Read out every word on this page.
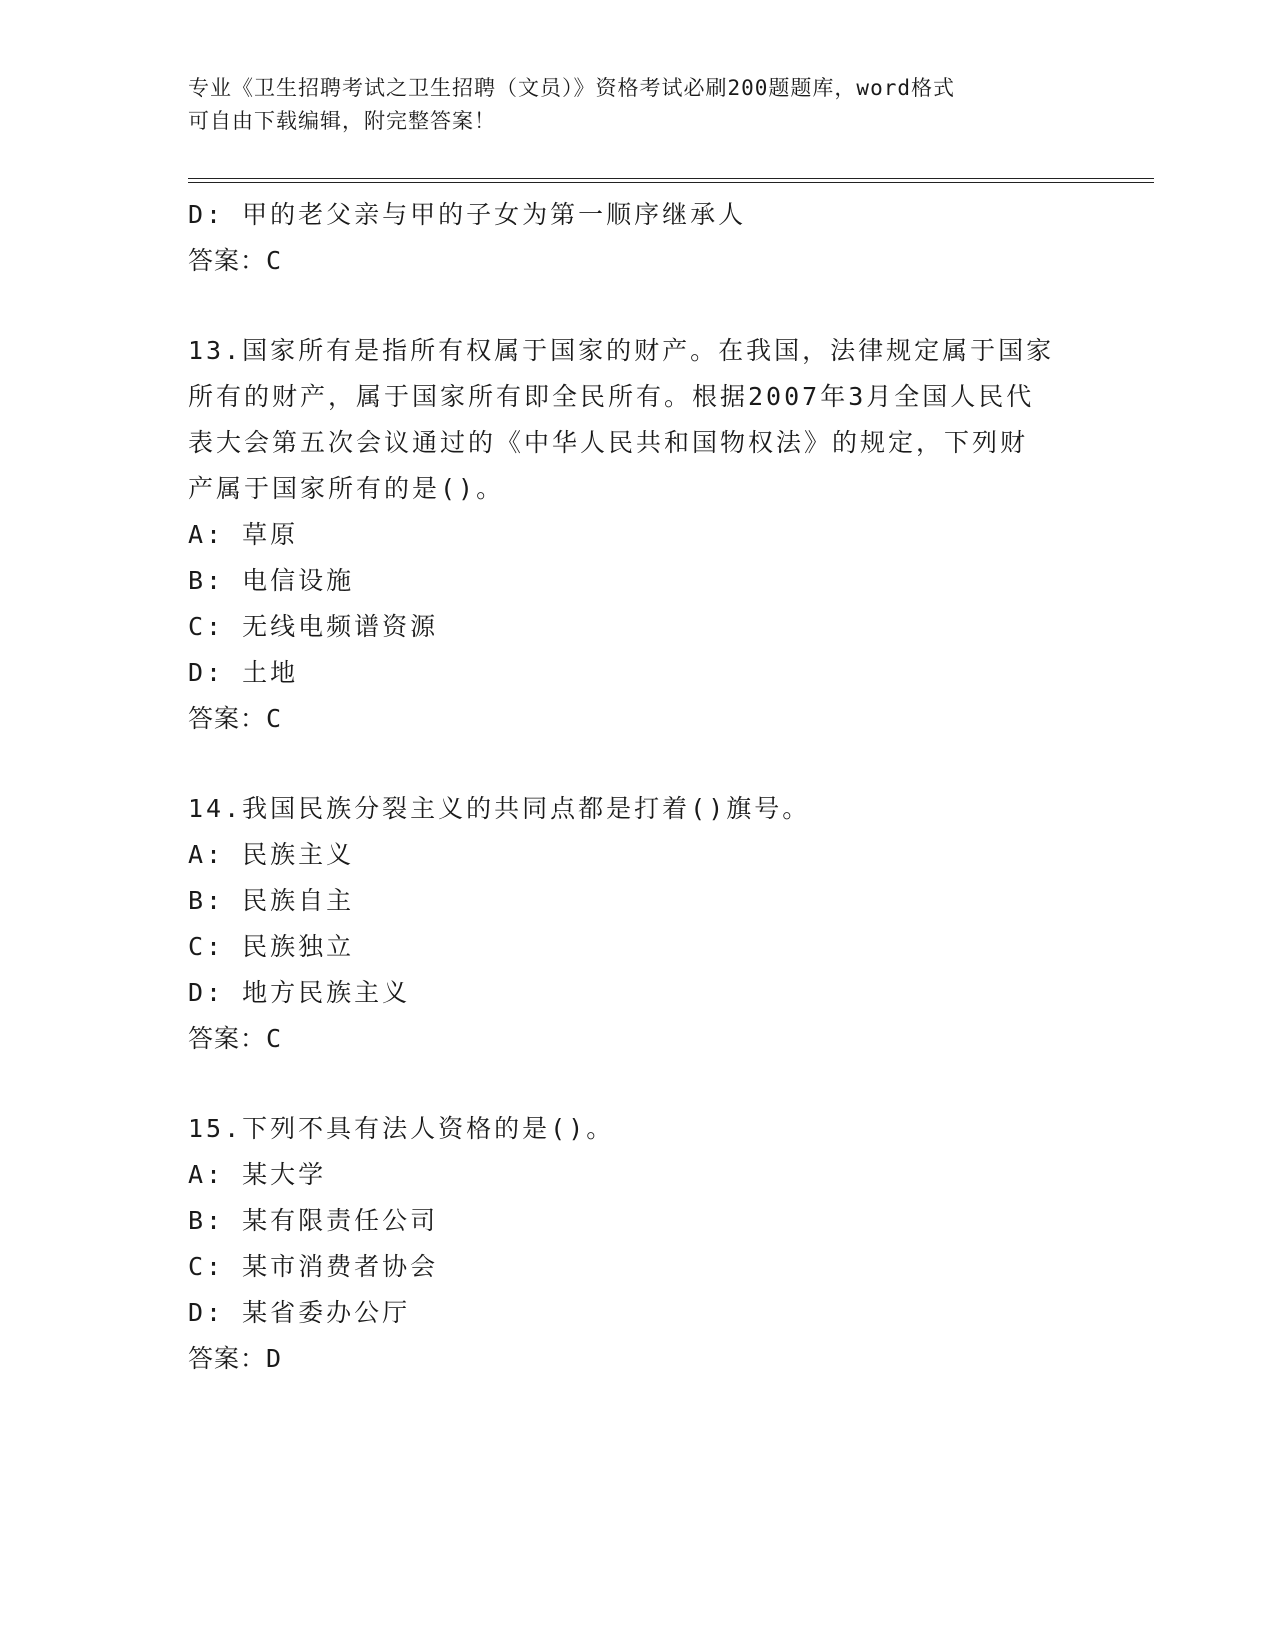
专业《卫生招聘考试之卫生招聘（文员）》资格考试必刷200题题库，word格式
可自由下载编辑，附完整答案！
D: 甲的老父亲与甲的子女为第一顺序继承人
答案：C
13.国家所有是指所有权属于国家的财产。在我国，法律规定属于国家
所有的财产，属于国家所有即全民所有。根据2007年3月全国人民代
表大会第五次会议通过的《中华人民共和国物权法》的规定，下列财
产属于国家所有的是()。
A: 草原
B: 电信设施
C: 无线电频谱资源
D: 土地
答案：C
14.我国民族分裂主义的共同点都是打着()旗号。
A: 民族主义
B: 民族自主
C: 民族独立
D: 地方民族主义
答案：C
15.下列不具有法人资格的是()。
A: 某大学
B: 某有限责任公司
C: 某市消费者协会
D: 某省委办公厅
答案：D
